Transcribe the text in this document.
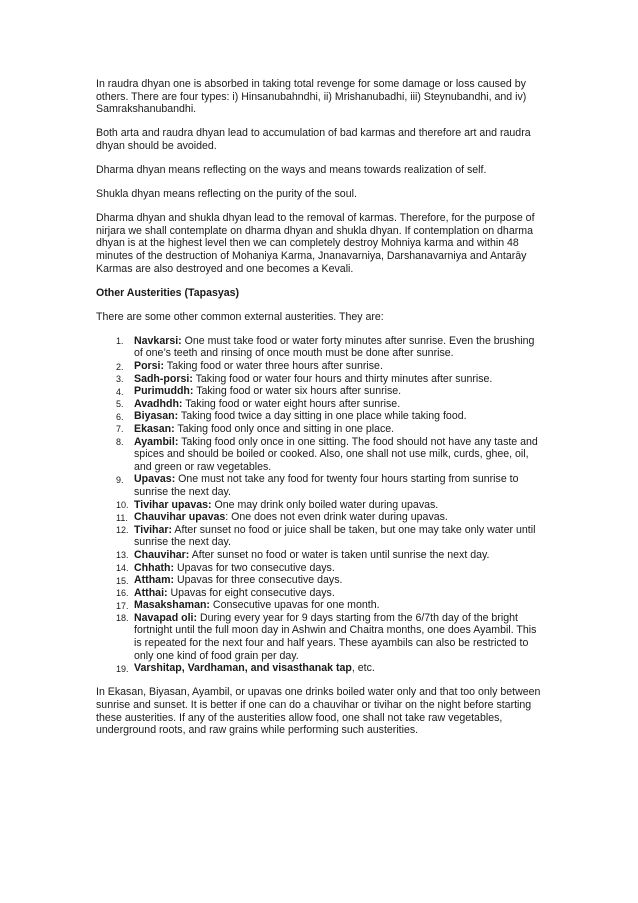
In raudra dhyan one is absorbed in taking total revenge for some damage or loss caused by others. There are four types: i) Hinsanubahndhi, ii) Mrishanubadhi, iii) Steynubandhi, and iv) Samrakshanubandhi.

Both arta and raudra dhyan lead to accumulation of bad karmas and therefore art and raudra dhyan should be avoided.

Dharma dhyan means reflecting on the ways and means towards realization of self.

Shukla dhyan means reflecting on the purity of the soul.

Dharma dhyan and shukla dhyan lead to the removal of karmas. Therefore, for the purpose of nirjara we shall contemplate on dharma dhyan and shukla dhyan. If contemplation on dharma dhyan is at the highest level then we can completely destroy Mohniya karma and within 48 minutes of the destruction of Mohaniya Karma, Jnanavarniya, Darshanavarniya and Antarāy Karmas are also destroyed and one becomes a Kevali.

Other Austerities (Tapasyas)

There are some other common external austerities. They are:

1. Navkarsi: One must take food or water forty minutes after sunrise. Even the brushing of one’s teeth and rinsing of once mouth must be done after sunrise.
2. Porsi: Taking food or water three hours after sunrise.
3. Sadh-porsi: Taking food or water four hours and thirty minutes after sunrise.
4. Purimuddh: Taking food or water six hours after sunrise.
5. Avadhdh: Taking food or water eight hours after sunrise.
6. Biyasan: Taking food twice a day sitting in one place while taking food.
7. Ekasan: Taking food only once and sitting in one place.
8. Ayambil: Taking food only once in one sitting. The food should not have any taste and spices and should be boiled or cooked. Also, one shall not use milk, curds, ghee, oil, and green or raw vegetables.
9. Upavas: One must not take any food for twenty four hours starting from sunrise to sunrise the next day.
10. Tivihar upavas: One may drink only boiled water during upavas.
11. Chauvihar upavas: One does not even drink water during upavas.
12. Tivihar: After sunset no food or juice shall be taken, but one may take only water until sunrise the next day.
13. Chauvihar: After sunset no food or water is taken until sunrise the next day.
14. Chhath: Upavas for two consecutive days.
15. Attham: Upavas for three consecutive days.
16. Atthai: Upavas for eight consecutive days.
17. Masakshaman: Consecutive upavas for one month.
18. Navapad oli: During every year for 9 days starting from the 6/7th day of the bright fortnight until the full moon day in Ashwin and Chaitra months, one does Ayambil. This is repeated for the next four and half years. These ayambils can also be restricted to only one kind of food grain per day.
19. Varshitap, Vardhaman, and visasthanak tap, etc.

In Ekasan, Biyasan, Ayambil, or upavas one drinks boiled water only and that too only between sunrise and sunset. It is better if one can do a chauvihar or tivihar on the night before starting these austerities. If any of the austerities allow food, one shall not take raw vegetables, underground roots, and raw grains while performing such austerities.
